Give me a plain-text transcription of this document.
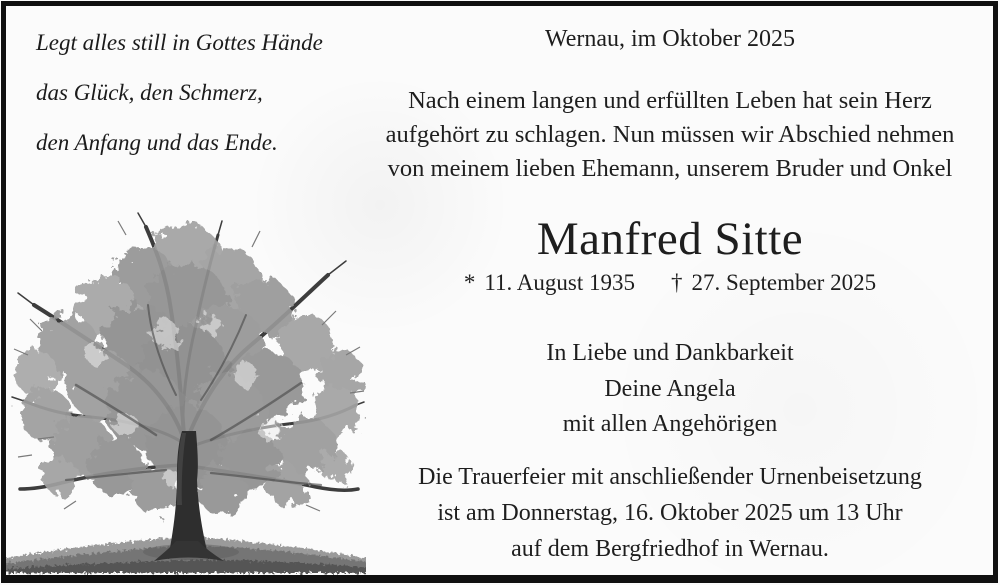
Legt alles still in Gottes Hände
das Glück, den Schmerz,
den Anfang und das Ende.
Wernau, im Oktober 2025
Nach einem langen und erfüllten Leben hat sein Herz
aufgehört zu schlagen. Nun müssen wir Abschied nehmen
von meinem lieben Ehemann, unserem Bruder und Onkel
Manfred Sitte
* 11. August 1935 † 27. September 2025
In Liebe und Dankbarkeit
Deine Angela
mit allen Angehörigen
Die Trauerfeier mit anschließender Urnenbeisetzung
ist am Donnerstag, 16. Oktober 2025 um 13 Uhr
auf dem Bergfriedhof in Wernau.
